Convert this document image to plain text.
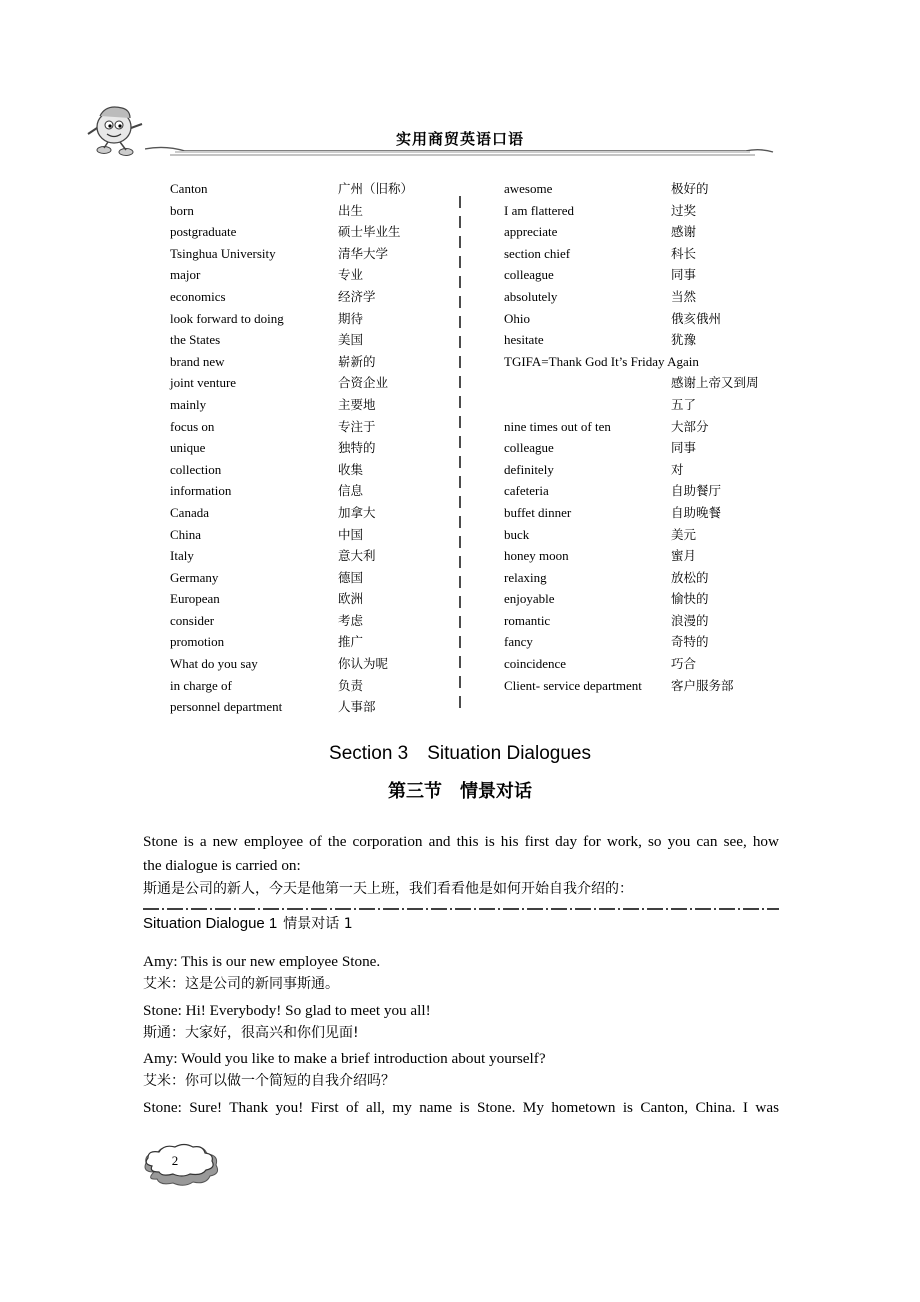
实用商贸英语口语
Canton	广州（旧称）
born	出生
postgraduate	硕士毕业生
Tsinghua University	清华大学
major	专业
economics	经济学
look forward to doing	期待
the States	美国
brand new	崭新的
joint venture	合资企业
mainly	主要地
focus on	专注于
unique	独特的
collection	收集
information	信息
Canada	加拿大
China	中国
Italy	意大利
Germany	德国
European	欧洲
consider	考虑
promotion	推广
What do you say	你认为呢
in charge of	负责
personnel department	人事部
awesome	极好的
I am flattered	过奖
appreciate	感谢
section chief	科长
colleague	同事
absolutely	当然
Ohio	俄亥俄州
hesitate	犹豫
TGIFA=Thank God It’s Friday Again
感谢上帝又到周
五了
nine times out of ten	大部分
colleague	同事
definitely	对
cafeteria	自助餐厅
buffet dinner	自助晚餐
buck	美元
honey moon	蜜月
relaxing	放松的
enjoyable	愉快的
romantic	浪漫的
fancy	奇特的
coincidence	巧合
Client- service department 客户服务部
Section 3 Situation Dialogues
第三节 情景对话
Stone is a new employee of the corporation and this is his first day for work, so you can see, how
the dialogue is carried on:
斯通是公司的新人，今天是他第一天上班，我们看看他是如何开始自我介绍的：
Situation Dialogue 1 情景对话 1
Amy: This is our new employee Stone.
艾米：这是公司的新同事斯通。
Stone: Hi! Everybody! So glad to meet you all!
斯通：大家好，很高兴和你们见面!
Amy: Would you like to make a brief introduction about yourself?
艾米：你可以做一个简短的自我介绍吗？
Stone: Sure! Thank you! First of all, my name is Stone. My hometown is Canton, China. I was
2
